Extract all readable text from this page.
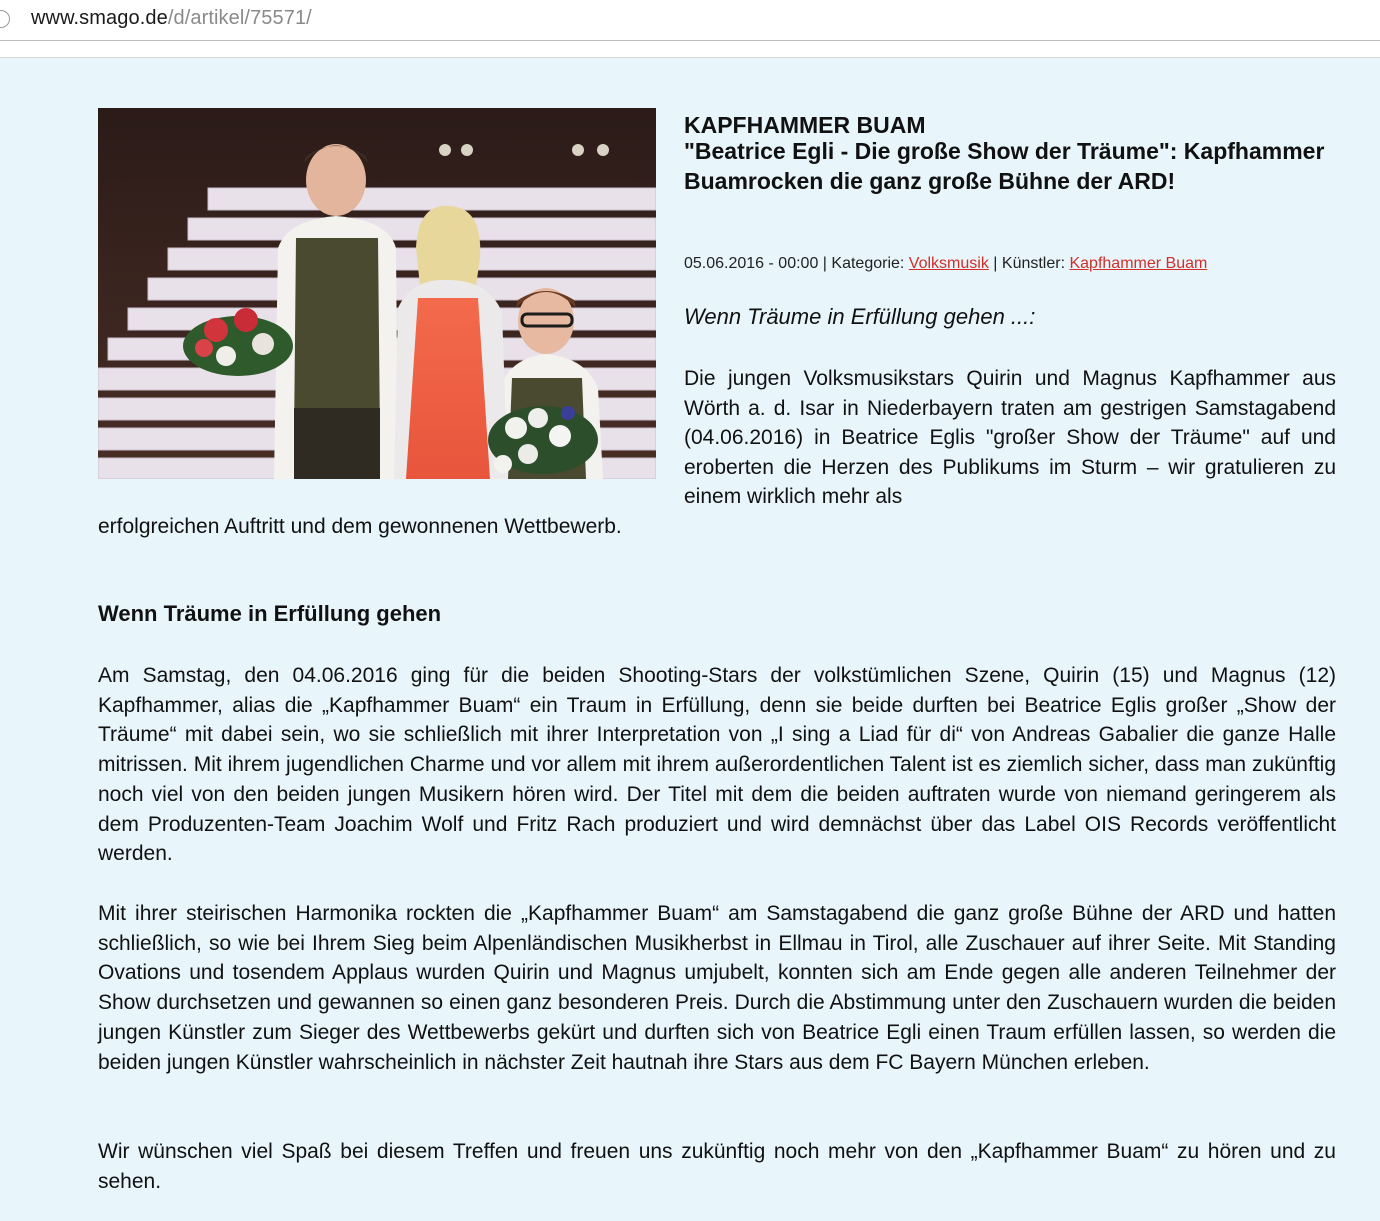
www.smago.de/d/artikel/75571/
KAPFHAMMER BUAM
"Beatrice Egli - Die große Show der Träume": Kapfhammer Buamrocken die ganz große Bühne der ARD!
05.06.2016 - 00:00 | Kategorie: Volksmusik | Künstler: Kapfhammer Buam
Wenn Träume in Erfüllung gehen ...:
Die jungen Volksmusikstars Quirin und Magnus Kapfhammer aus Wörth a. d. Isar in Niederbayern traten am gestrigen Samstagabend (04.06.2016) in Beatrice Eglis "großer Show der Träume" auf und eroberten die Herzen des Publikums im Sturm – wir gratulieren zu einem wirklich mehr als
erfolgreichen Auftritt und dem gewonnenen Wettbewerb.
Wenn Träume in Erfüllung gehen

Am Samstag, den 04.06.2016 ging für die beiden Shooting-Stars der volkstümlichen Szene, Quirin (15) und Magnus (12) Kapfhammer, alias die „Kapfhammer Buam“ ein Traum in Erfüllung, denn sie beide durften bei Beatrice Eglis großer „Show der Träume“ mit dabei sein, wo sie schließlich mit ihrer Interpretation von „I sing a Liad für di“ von Andreas Gabalier die ganze Halle mitrissen. Mit ihrem jugendlichen Charme und vor allem mit ihrem außerordentlichen Talent ist es ziemlich sicher, dass man zukünftig noch viel von den beiden jungen Musikern hören wird. Der Titel mit dem die beiden auftraten wurde von niemand geringerem als dem Produzenten-Team Joachim Wolf und Fritz Rach produziert und wird demnächst über das Label OIS Records veröffentlicht werden.

Mit ihrer steirischen Harmonika rockten die „Kapfhammer Buam“ am Samstagabend die ganz große Bühne der ARD und hatten schließlich, so wie bei Ihrem Sieg beim Alpenländischen Musikherbst in Ellmau in Tirol, alle Zuschauer auf ihrer Seite. Mit Standing Ovations und tosendem Applaus wurden Quirin und Magnus umjubelt, konnten sich am Ende gegen alle anderen Teilnehmer der Show durchsetzen und gewannen so einen ganz besonderen Preis. Durch die Abstimmung unter den Zuschauern wurden die beiden jungen Künstler zum Sieger des Wettbewerbs gekürt und durften sich von Beatrice Egli einen Traum erfüllen lassen, so werden die beiden jungen Künstler wahrscheinlich in nächster Zeit hautnah ihre Stars aus dem FC Bayern München erleben.

Wir wünschen viel Spaß bei diesem Treffen und freuen uns zukünftig noch mehr von den „Kapfhammer Buam“ zu hören und zu sehen.
